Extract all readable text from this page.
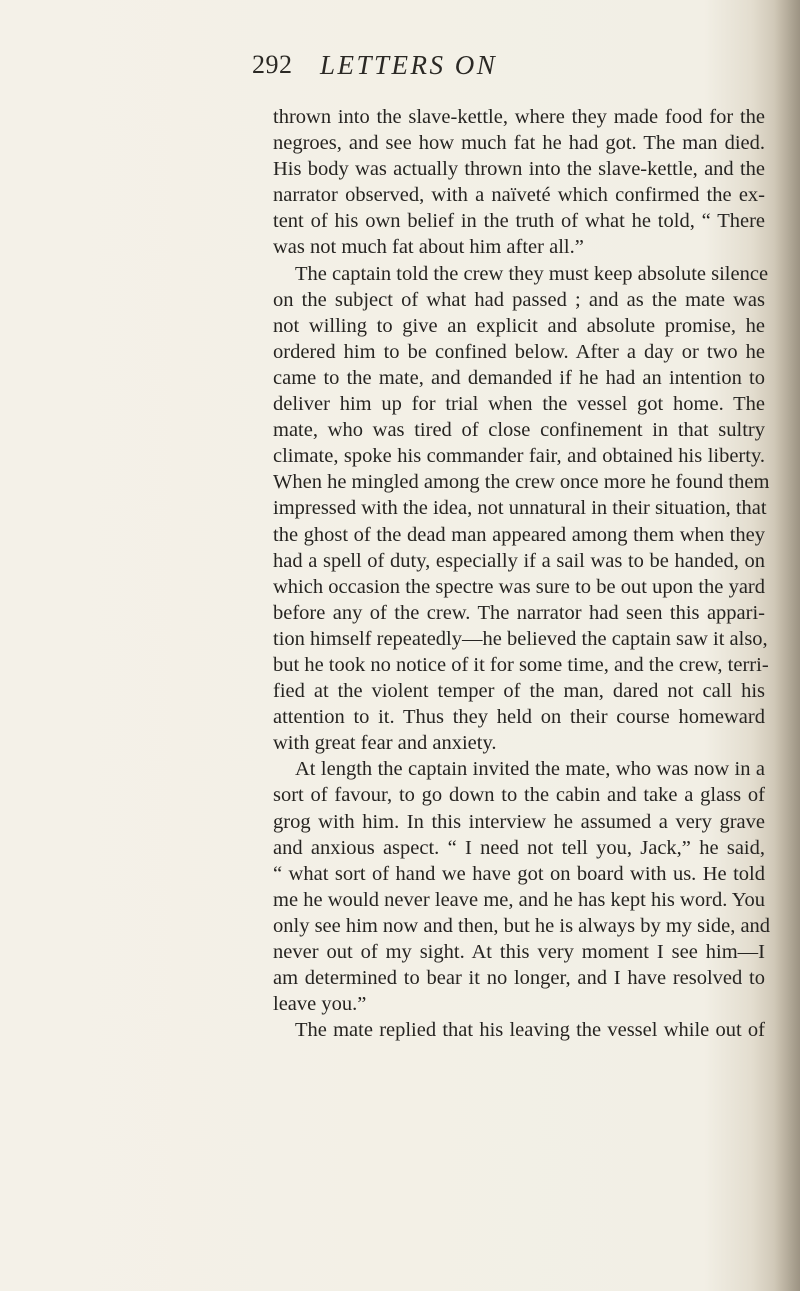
292 LETTERS ON
thrown into the slave-kettle, where they made food for the
negroes, and see how much fat he had got. The man died.
His body was actually thrown into the slave-kettle, and the
narrator observed, with a naïveté which confirmed the ex-
tent of his own belief in the truth of what he told, “ There
was not much fat about him after all.”
The captain told the crew they must keep absolute silence
on the subject of what had passed ; and as the mate was
not willing to give an explicit and absolute promise, he
ordered him to be confined below. After a day or two he
came to the mate, and demanded if he had an intention to
deliver him up for trial when the vessel got home. The
mate, who was tired of close confinement in that sultry
climate, spoke his commander fair, and obtained his liberty.
When he mingled among the crew once more he found them
impressed with the idea, not unnatural in their situation, that
the ghost of the dead man appeared among them when they
had a spell of duty, especially if a sail was to be handed, on
which occasion the spectre was sure to be out upon the yard
before any of the crew. The narrator had seen this appari-
tion himself repeatedly—he believed the captain saw it also,
but he took no notice of it for some time, and the crew, terri-
fied at the violent temper of the man, dared not call his
attention to it. Thus they held on their course homeward
with great fear and anxiety.
At length the captain invited the mate, who was now in a
sort of favour, to go down to the cabin and take a glass of
grog with him. In this interview he assumed a very grave
and anxious aspect. “ I need not tell you, Jack,” he said,
“ what sort of hand we have got on board with us. He told
me he would never leave me, and he has kept his word. You
only see him now and then, but he is always by my side, and
never out of my sight. At this very moment I see him—I
am determined to bear it no longer, and I have resolved to
leave you.”
The mate replied that his leaving the vessel while out of
